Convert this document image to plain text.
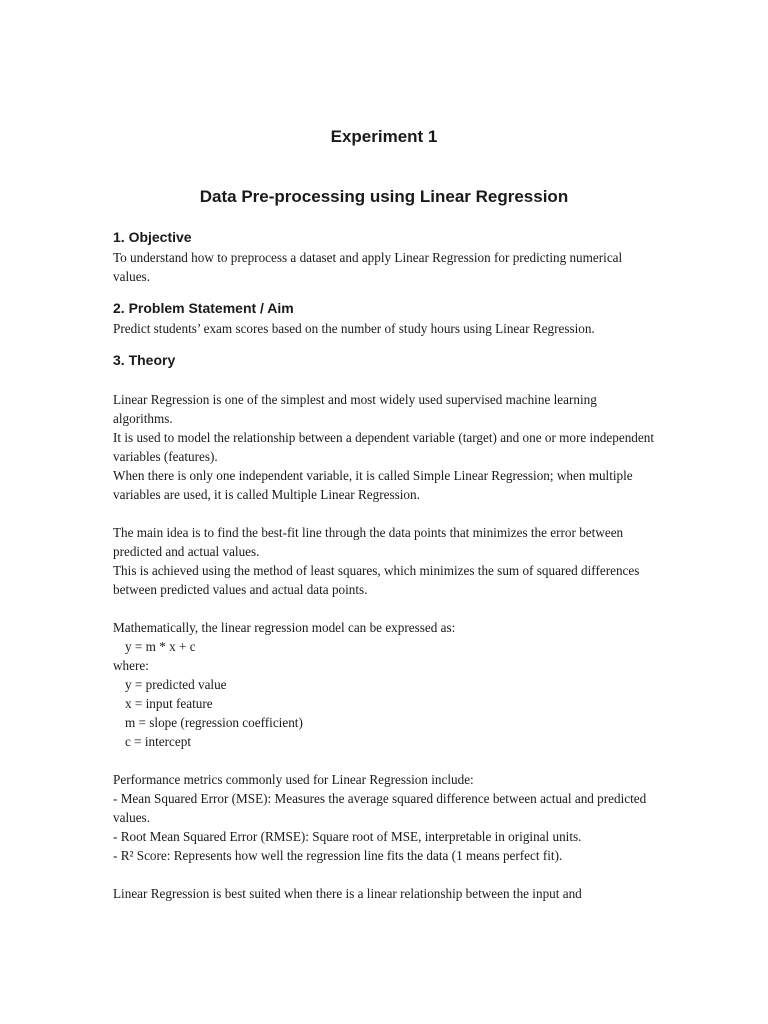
Experiment 1
Data Pre-processing using Linear Regression
1. Objective

To understand how to preprocess a dataset and apply Linear Regression for predicting numerical values.

2. Problem Statement / Aim

Predict students’ exam scores based on the number of study hours using Linear Regression.

3. Theory

Linear Regression is one of the simplest and most widely used supervised machine learning algorithms.

It is used to model the relationship between a dependent variable (target) and one or more independent variables (features).

When there is only one independent variable, it is called Simple Linear Regression; when multiple variables are used, it is called Multiple Linear Regression.

The main idea is to find the best-fit line through the data points that minimizes the error between predicted and actual values.

This is achieved using the method of least squares, which minimizes the sum of squared differences between predicted values and actual data points.

Mathematically, the linear regression model can be expressed as:

y = m * x + c

where:

y = predicted value

x = input feature

m = slope (regression coefficient)

c = intercept

Performance metrics commonly used for Linear Regression include:

- Mean Squared Error (MSE): Measures the average squared difference between actual and predicted values.

- Root Mean Squared Error (RMSE): Square root of MSE, interpretable in original units.

- R² Score: Represents how well the regression line fits the data (1 means perfect fit).

Linear Regression is best suited when there is a linear relationship between the input and
